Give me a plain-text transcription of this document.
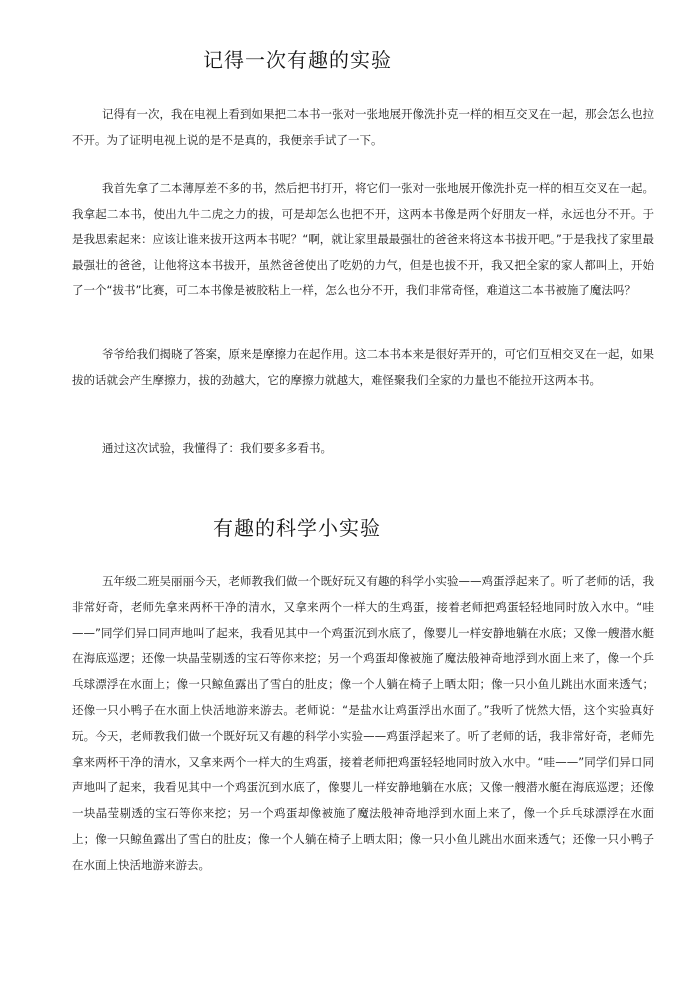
记得一次有趣的实验

记得有一次，我在电视上看到如果把二本书一张对一张地展开像洗扑克一样的相互交叉在一起，那会怎么也拉不开。为了证明电视上说的是不是真的，我便亲手试了一下。

我首先拿了二本薄厚差不多的书，然后把书打开，将它们一张对一张地展开像洗扑克一样的相互交叉在一起。我拿起二本书，使出九牛二虎之力的拔，可是却怎么也把不开，这两本书像是两个好朋友一样，永远也分不开。于是我思索起来：应该让谁来拔开这两本书呢？“啊，就让家里最最强壮的爸爸来将这本书拔开吧。”于是我找了家里最最强壮的爸爸，让他将这本书拔开，虽然爸爸使出了吃奶的力气，但是也拔不开，我又把全家的家人都叫上，开始了一个“拔书”比赛，可二本书像是被胶粘上一样，怎么也分不开，我们非常奇怪，难道这二本书被施了魔法吗？

爷爷给我们揭晓了答案，原来是摩擦力在起作用。这二本书本来是很好弄开的，可它们互相交叉在一起，如果拔的话就会产生摩擦力，拔的劲越大，它的摩擦力就越大，难怪聚我们全家的力量也不能拉开这两本书。

通过这次试验，我懂得了：我们要多多看书。

有趣的科学小实验

五年级二班吴丽丽今天，老师教我们做一个既好玩又有趣的科学小实验——鸡蛋浮起来了。听了老师的话，我非常好奇，老师先拿来两杯干净的清水，又拿来两个一样大的生鸡蛋，接着老师把鸡蛋轻轻地同时放入水中。“哇——”同学们异口同声地叫了起来，我看见其中一个鸡蛋沉到水底了，像婴儿一样安静地躺在水底；又像一艘潜水艇在海底巡逻；还像一块晶莹剔透的宝石等你来挖；另一个鸡蛋却像被施了魔法般神奇地浮到水面上来了，像一个乒乓球漂浮在水面上；像一只鲸鱼露出了雪白的肚皮；像一个人躺在椅子上晒太阳；像一只小鱼儿跳出水面来透气；还像一只小鸭子在水面上快活地游来游去。老师说：“是盐水让鸡蛋浮出水面了。”我听了恍然大悟，这个实验真好玩。今天，老师教我们做一个既好玩又有趣的科学小实验——鸡蛋浮起来了。听了老师的话，我非常好奇，老师先拿来两杯干净的清水，又拿来两个一样大的生鸡蛋，接着老师把鸡蛋轻轻地同时放入水中。“哇——”同学们异口同声地叫了起来，我看见其中一个鸡蛋沉到水底了，像婴儿一样安静地躺在水底；又像一艘潜水艇在海底巡逻；还像一块晶莹剔透的宝石等你来挖；另一个鸡蛋却像被施了魔法般神奇地浮到水面上来了，像一个乒乓球漂浮在水面上；像一只鲸鱼露出了雪白的肚皮；像一个人躺在椅子上晒太阳；像一只小鱼儿跳出水面来透气；还像一只小鸭子在水面上快活地游来游去。
